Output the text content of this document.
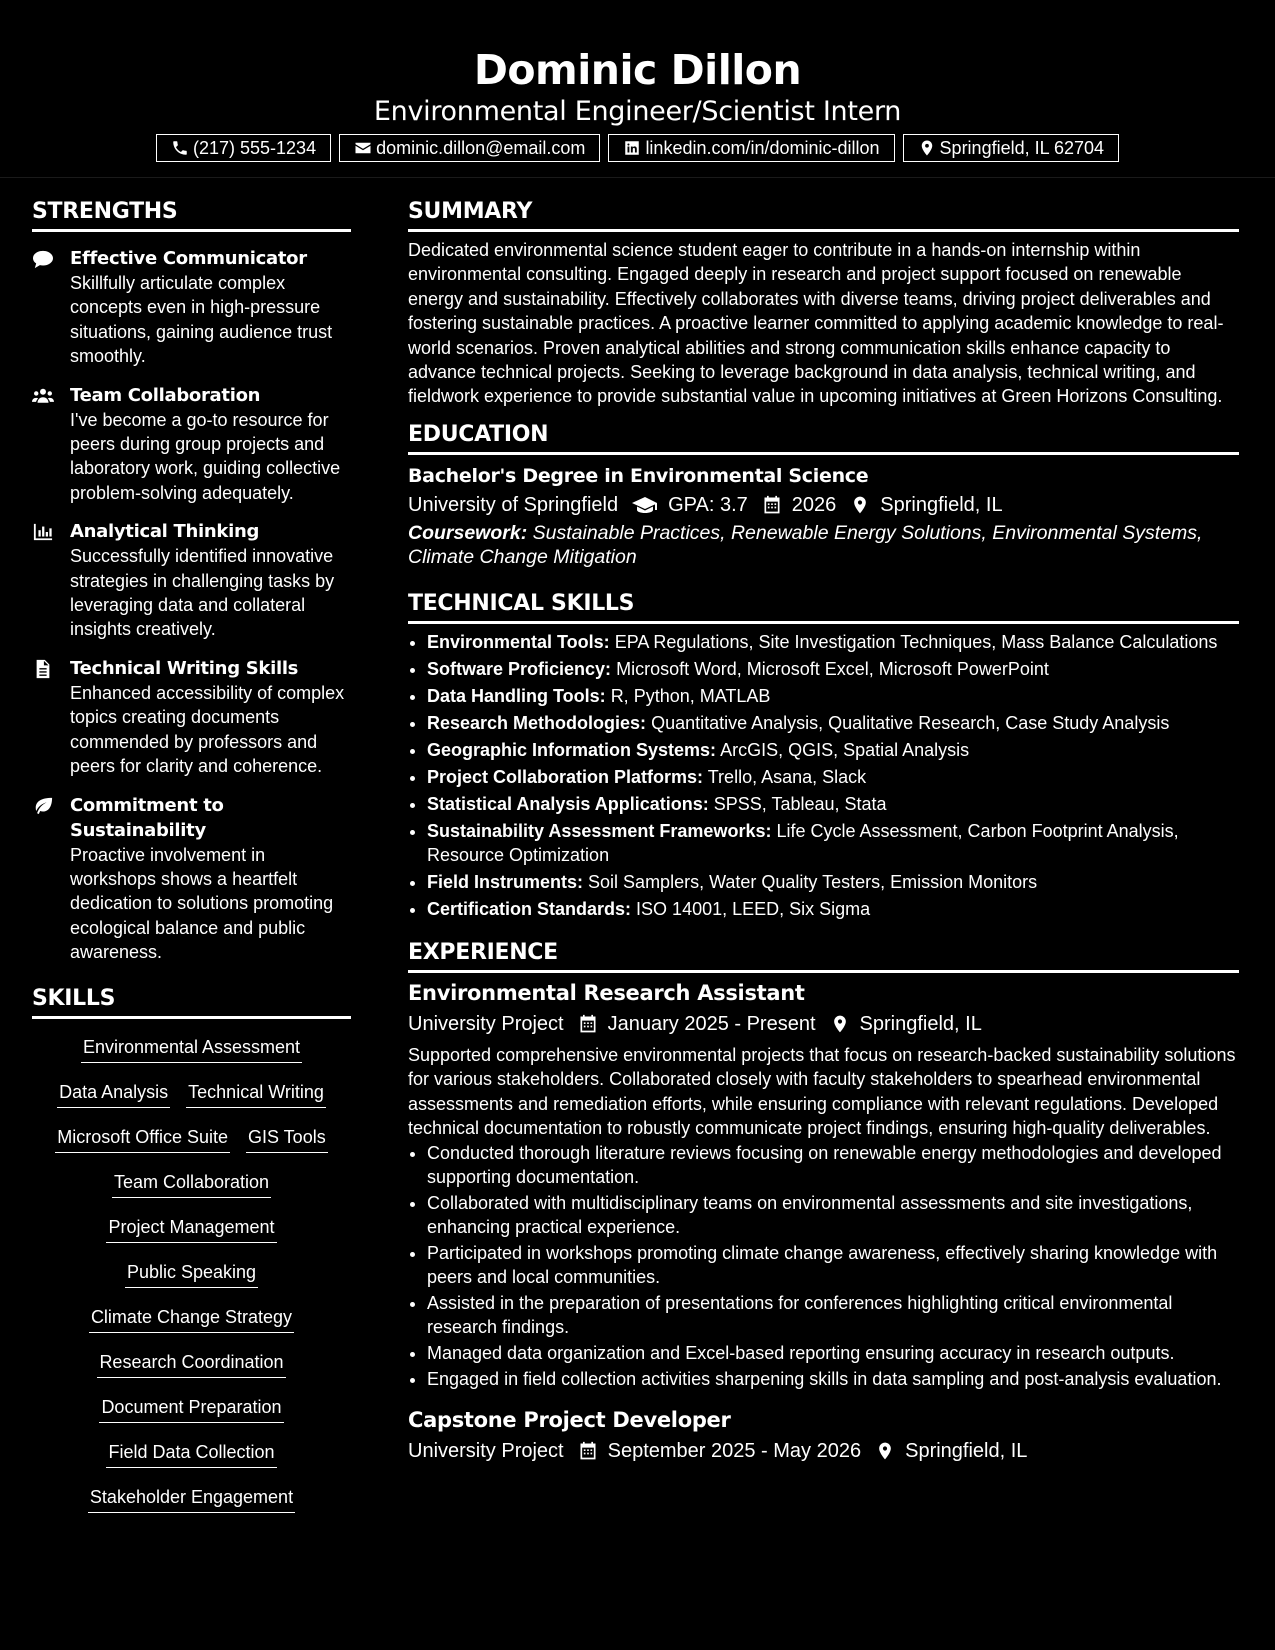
Dominic Dillon
Environmental Engineer/Scientist Intern
(217) 555-1234	dominic.dillon@email.com	linkedin.com/in/dominic-dillon	Springfield, IL 62704
STRENGTHS
Effective Communicator
Skillfully articulate complex concepts even in high-pressure situations, gaining audience trust smoothly.
Team Collaboration
I've become a go-to resource for peers during group projects and laboratory work, guiding collective problem-solving adequately.
Analytical Thinking
Successfully identified innovative strategies in challenging tasks by leveraging data and collateral insights creatively.
Technical Writing Skills
Enhanced accessibility of complex topics creating documents commended by professors and peers for clarity and coherence.
Commitment to Sustainability
Proactive involvement in workshops shows a heartfelt dedication to solutions promoting ecological balance and public awareness.
SKILLS
Environmental Assessment
Data Analysis Technical Writing
Microsoft Office Suite GIS Tools
Team Collaboration
Project Management
Public Speaking
Climate Change Strategy
Research Coordination
Document Preparation
Field Data Collection
Stakeholder Engagement
SUMMARY
Dedicated environmental science student eager to contribute in a hands-on internship within environmental consulting. Engaged deeply in research and project support focused on renewable energy and sustainability. Effectively collaborates with diverse teams, driving project deliverables and fostering sustainable practices. A proactive learner committed to applying academic knowledge to real-world scenarios. Proven analytical abilities and strong communication skills enhance capacity to advance technical projects. Seeking to leverage background in data analysis, technical writing, and fieldwork experience to provide substantial value in upcoming initiatives at Green Horizons Consulting.
EDUCATION
Bachelor's Degree in Environmental Science
University of Springfield	GPA: 3.7 2026 Springfield, IL
Coursework: Sustainable Practices, Renewable Energy Solutions, Environmental Systems, Climate Change Mitigation
TECHNICAL SKILLS
• Environmental Tools: EPA Regulations, Site Investigation Techniques, Mass Balance Calculations
• Software Proficiency: Microsoft Word, Microsoft Excel, Microsoft PowerPoint
• Data Handling Tools: R, Python, MATLAB
• Research Methodologies: Quantitative Analysis, Qualitative Research, Case Study Analysis
• Geographic Information Systems: ArcGIS, QGIS, Spatial Analysis
• Project Collaboration Platforms: Trello, Asana, Slack
• Statistical Analysis Applications: SPSS, Tableau, Stata
• Sustainability Assessment Frameworks: Life Cycle Assessment, Carbon Footprint Analysis, Resource Optimization
• Field Instruments: Soil Samplers, Water Quality Testers, Emission Monitors
• Certification Standards: ISO 14001, LEED, Six Sigma
EXPERIENCE
Environmental Research Assistant
University Project January 2025 - Present Springfield, IL
Supported comprehensive environmental projects that focus on research-backed sustainability solutions for various stakeholders. Collaborated closely with faculty stakeholders to spearhead environmental assessments and remediation efforts, while ensuring compliance with relevant regulations. Developed technical documentation to robustly communicate project findings, ensuring high-quality deliverables.
• Conducted thorough literature reviews focusing on renewable energy methodologies and developed supporting documentation.
• Collaborated with multidisciplinary teams on environmental assessments and site investigations, enhancing practical experience.
• Participated in workshops promoting climate change awareness, effectively sharing knowledge with peers and local communities.
• Assisted in the preparation of presentations for conferences highlighting critical environmental research findings.
• Managed data organization and Excel-based reporting ensuring accuracy in research outputs.
• Engaged in field collection activities sharpening skills in data sampling and post-analysis evaluation.
Capstone Project Developer
University Project September 2025 - May 2026 Springfield, IL
